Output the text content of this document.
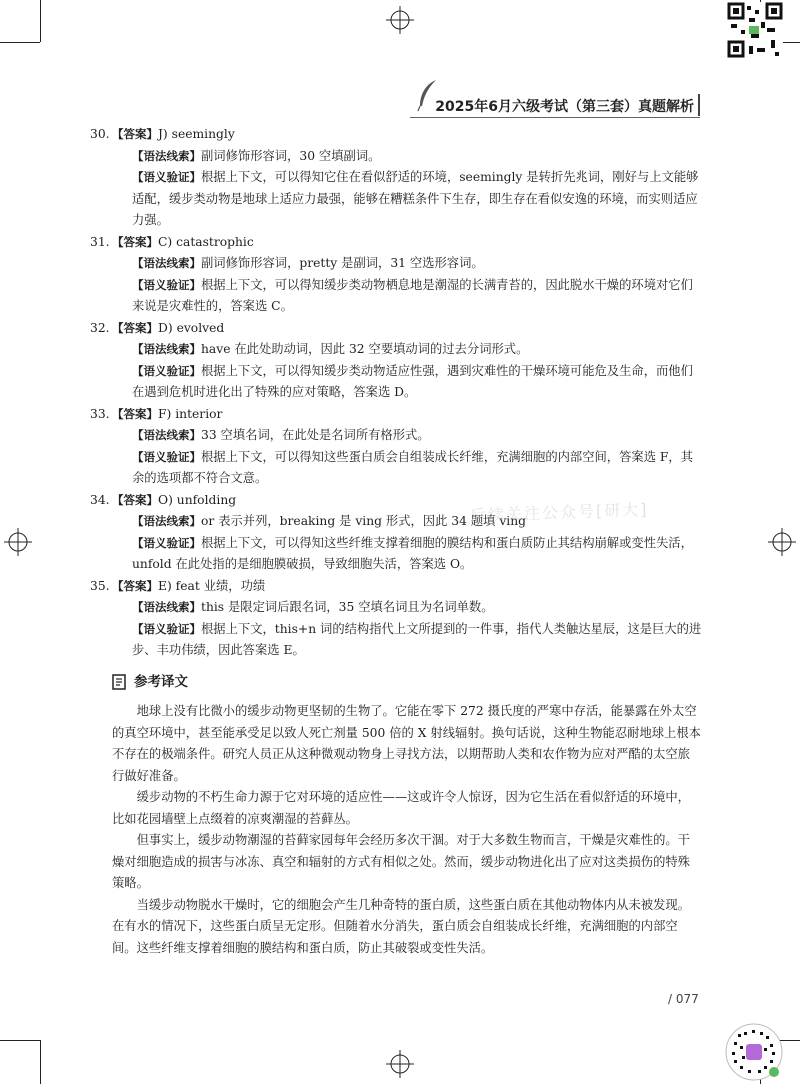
2025年6月六级考试（第三套）真题解析
30. 【答案】J) seemingly
【语法线索】副词修饰形容词，30 空填副词。
【语义验证】根据上下文，可以得知它住在看似舒适的环境，seemingly 是转折先兆词，刚好与上文能够适配，缓步类动物是地球上适应力最强，能够在糟糕条件下生存，即生存在看似安逸的环境，而实则适应力强。
31. 【答案】C) catastrophic
【语法线索】副词修饰形容词，pretty 是副词，31 空选形容词。
【语义验证】根据上下文，可以得知缓步类动物栖息地是潮湿的长满青苔的，因此脱水干燥的环境对它们来说是灾难性的，答案选 C。
32. 【答案】D) evolved
【语法线索】have 在此处助动词，因此 32 空要填动词的过去分词形式。
【语义验证】根据上下文，可以得知缓步类动物适应性强，遇到灾难性的干燥环境可能危及生命，而他们在遇到危机时进化出了特殊的应对策略，答案选 D。
33. 【答案】F) interior
【语法线索】33 空填名词，在此处是名词所有格形式。
【语义验证】根据上下文，可以得知这些蛋白质会自组装成长纤维，充满细胞的内部空间，答案选 F，其余的选项都不符合文意。
34. 【答案】O) unfolding
【语法线索】or 表示并列，breaking 是 ving 形式，因此 34 题填 ving
【语义验证】根据上下文，可以得知这些纤维支撑着细胞的膜结构和蛋白质防止其结构崩解或变性失活，unfold 在此处指的是细胞膜破损，导致细胞失活，答案选 O。
35. 【答案】E) feat 业绩，功绩
【语法线索】this 是限定词后跟名词，35 空填名词且为名词单数。
【语义验证】根据上下文，this+n 词的结构指代上文所提到的一件事，指代人类触达星辰，这是巨大的进步、丰功伟绩，因此答案选 E。
参考译文

地球上没有比微小的缓步动物更坚韧的生物了。它能在零下 272 摄氏度的严寒中存活，能暴露在外太空的真空环境中，甚至能承受足以致人死亡剂量 500 倍的 X 射线辐射。换句话说，这种生物能忍耐地球上根本不存在的极端条件。研究人员正从这种微观动物身上寻找方法，以期帮助人类和农作物为应对严酷的太空旅行做好准备。

缓步动物的不朽生命力源于它对环境的适应性——这或许令人惊讶，因为它生活在看似舒适的环境中，比如花园墙壁上点缀着的凉爽潮湿的苔藓丛。

但事实上，缓步动物潮湿的苔藓家园每年会经历多次干涸。对于大多数生物而言，干燥是灾难性的。干燥对细胞造成的损害与冰冻、真空和辐射的方式有相似之处。然而，缓步动物进化出了应对这类损伤的特殊策略。

当缓步动物脱水干燥时，它的细胞会产生几种奇特的蛋白质，这些蛋白质在其他动物体内从未被发现。在有水的情况下，这些蛋白质呈无定形。但随着水分消失，蛋白质会自组装成长纤维，充满细胞的内部空间。这些纤维支撑着细胞的膜结构和蛋白质，防止其破裂或变性失活。

后续关注公众号[研大]
/ 077
